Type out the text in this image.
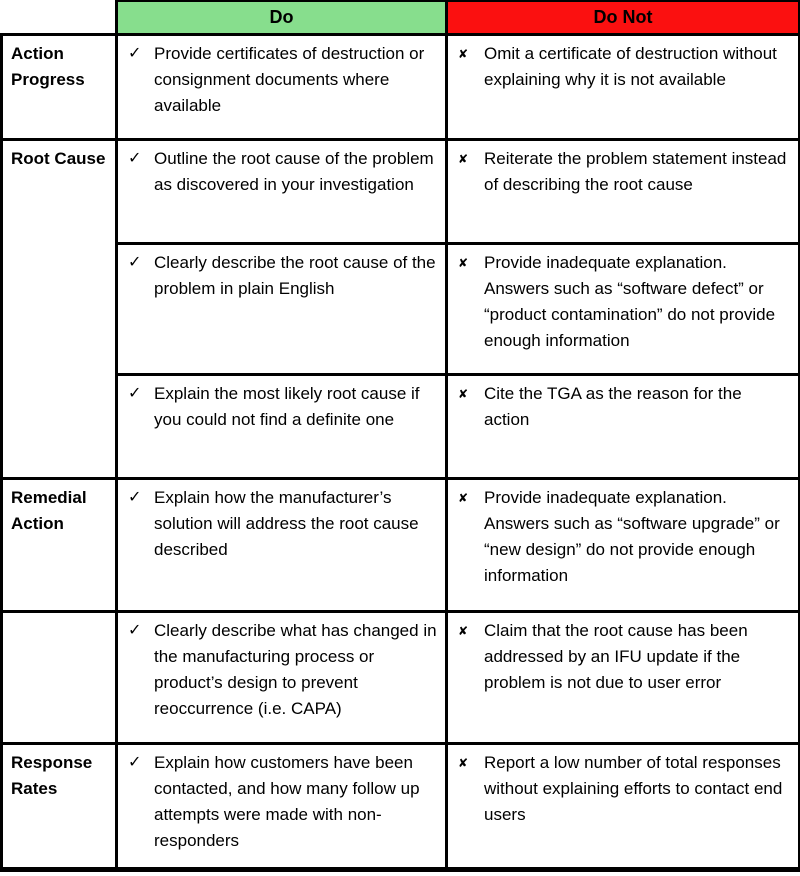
	Do	Do Not
Action Progress	✓ Provide certificates of destruction or consignment documents where available	✘ Omit a certificate of destruction without explaining why it is not available

Root Cause	✓ Outline the root cause of the problem as discovered in your investigation	✘ Reiterate the problem statement instead of describing the root cause

	✓ Clearly describe the root cause of the problem in plain English	✘ Provide inadequate explanation. Answers such as “software defect” or “product contamination” do not provide enough information

	✓ Explain the most likely root cause if you could not find a definite one	✘ Cite the TGA as the reason for the action

Remedial Action	✓ Explain how the manufacturer’s solution will address the root cause described	✘ Provide inadequate explanation. Answers such as “software upgrade” or “new design” do not provide enough information

	✓ Clearly describe what has changed in the manufacturing process or product’s design to prevent reoccurrence (i.e. CAPA)	✘ Claim that the root cause has been addressed by an IFU update if the problem is not due to user error

Response Rates	✓ Explain how customers have been contacted, and how many follow up attempts were made with non-responders	✘ Report a low number of total responses without explaining efforts to contact end users
